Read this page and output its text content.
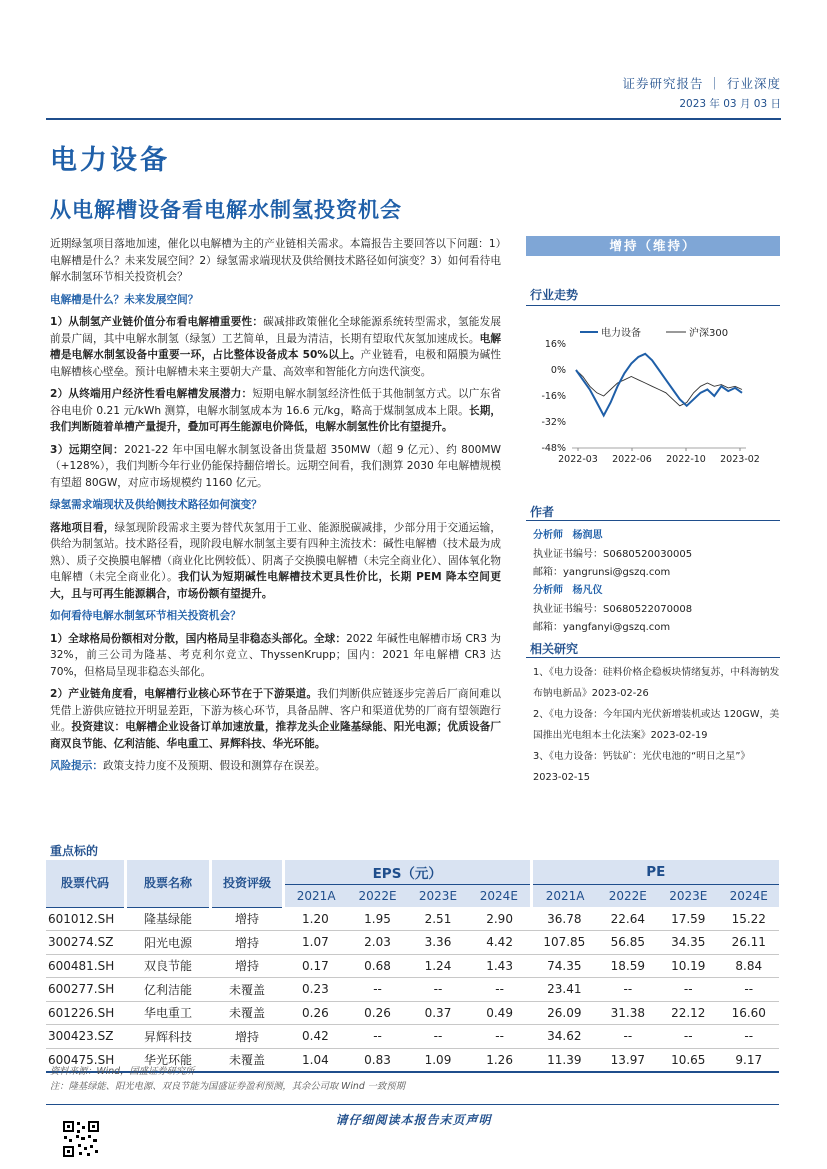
证券研究报告 ｜ 行业深度
2023 年 03 月 03 日
电力设备
从电解槽设备看电解水制氢投资机会

近期绿氢项目落地加速，催化以电解槽为主的产业链相关需求。本篇报告主要回答以下问题：1）电解槽是什么？未来发展空间？2）绿氢需求端现状及供给侧技术路径如何演变？3）如何看待电解水制氢环节相关投资机会？

电解槽是什么？未来发展空间？

1）从制氢产业链价值分布看电解槽重要性：碳减排政策催化全球能源系统转型需求，氢能发展前景广阔，其中电解水制氢（绿氢）工艺简单，且最为清洁，长期有望取代灰氢加速成长。电解槽是电解水制氢设备中重要一环，占比整体设备成本 50%以上。产业链看，电极和隔膜为碱性电解槽核心壁垒。预计电解槽未来主要朝大产量、高效率和智能化方向迭代演变。

2）从终端用户经济性看电解槽发展潜力：短期电解水制氢经济性低于其他制氢方式。以广东省谷电电价 0.21 元/kWh 测算，电解水制氢成本为 16.6 元/kg，略高于煤制氢成本上限。长期，我们判断随着单槽产量提升，叠加可再生能源电价降低，电解水制氢性价比有望提升。

3）远期空间：2021-22 年中国电解水制氢设备出货量超 350MW（超 9 亿元）、约 800MW（+128%），我们判断今年行业仍能保持翻倍增长。远期空间看，我们测算 2030 年电解槽规模有望超 80GW，对应市场规模约 1160 亿元。

绿氢需求端现状及供给侧技术路径如何演变？

落地项目看，绿氢现阶段需求主要为替代灰氢用于工业、能源脱碳减排，少部分用于交通运输，供给为制氢站。技术路径看，现阶段电解水制氢主要有四种主流技术：碱性电解槽（技术最为成熟）、质子交换膜电解槽（商业化比例较低）、阴离子交换膜电解槽（未完全商业化）、固体氧化物电解槽（未完全商业化）。我们认为短期碱性电解槽技术更具性价比，长期 PEM 降本空间更大，且与可再生能源耦合，市场份额有望提升。

如何看待电解水制氢环节相关投资机会？

1）全球格局份额相对分散，国内格局呈非稳态头部化。全球：2022 年碱性电解槽市场 CR3 为 32%，前三公司为隆基、考克利尔竞立、ThyssenKrupp；国内：2021 年电解槽 CR3 达 70%，但格局呈现非稳态头部化。

2）产业链角度看，电解槽行业核心环节在于下游渠道。我们判断供应链逐步完善后厂商间难以凭借上游供应链拉开明显差距，下游为核心环节，具备品牌、客户和渠道优势的厂商有望领跑行业。投资建议：电解槽企业设备订单加速放量，推荐龙头企业隆基绿能、阳光电源；优质设备厂商双良节能、亿利洁能、华电重工、昇辉科技、华光环能。

风险提示：政策支持力度不及预期、假设和测算存在误差。

增持（维持）
行业走势
电力设备	沪深300
16%
0%
-16%
-32%
-48%
2022-03 2022-06 2022-10 2023-02
作者
分析师 杨润思
执业证书编号：S0680520030005
邮箱：yangrunsi@gszq.com
分析师 杨凡仪
执业证书编号：S0680522070008
邮箱：yangfanyi@gszq.com
相关研究
1、《电力设备：硅料价格企稳板块情绪复苏，中科海钠发布钠电新品》2023-02-26
2、《电力设备：今年国内光伏新增装机或达 120GW，美国推出光电组本土化法案》2023-02-19
3、《电力设备：钙钛矿：光伏电池的“明日之星”》
2023-02-15
重点标的
股票代码	股票名称	投资评级	EPS（元）				PE			
			2021A	2022E	2023E	2024E	2021A	2022E	2023E	2024E
601012.SH	隆基绿能	增持	1.20	1.95	2.51	2.90	36.78	22.64	17.59	15.22
300274.SZ	阳光电源	增持	1.07	2.03	3.36	4.42	107.85	56.85	34.35	26.11
600481.SH	双良节能	增持	0.17	0.68	1.24	1.43	74.35	18.59	10.19	8.84
600277.SH	亿利洁能	未覆盖	0.23	--	--	--	23.41	--	--	--
601226.SH	华电重工	未覆盖	0.26	0.26	0.37	0.49	26.09	31.38	22.12	16.60
300423.SZ	昇辉科技	增持	0.42	--	--	--	34.62	--	--	--
600475.SH	华光环能	未覆盖	1.04	0.83	1.09	1.26	11.39	13.97	10.65	9.17
资料来源：Wind，国盛证券研究所
注：隆基绿能、阳光电源、双良节能为国盛证券盈利预测，其余公司取 Wind 一致预期
请仔细阅读本报告末页声明
